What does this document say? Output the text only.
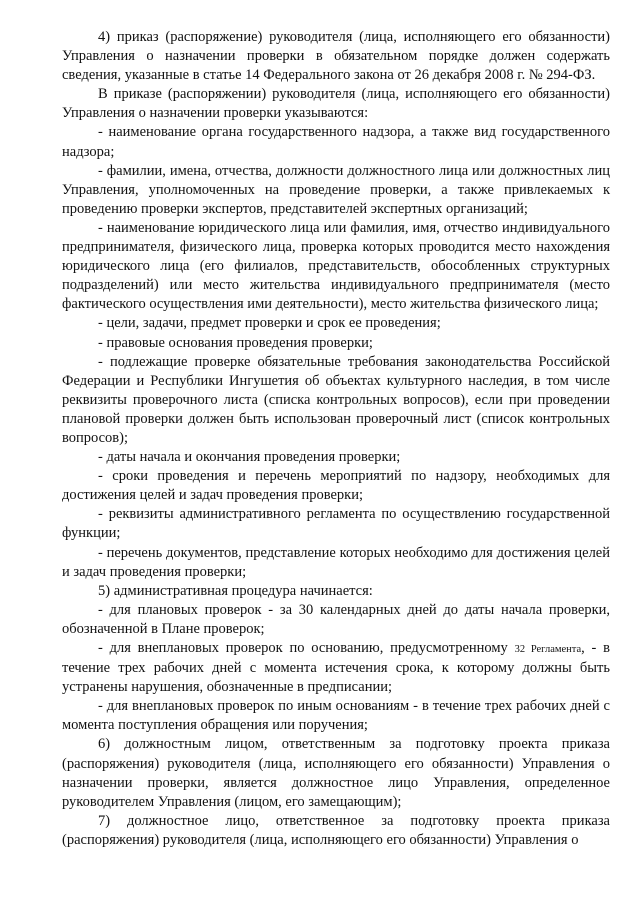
4) приказ (распоряжение) руководителя (лица, исполняющего его обязанности) Управления о назначении проверки в обязательном порядке должен содержать сведения, указанные в статье 14 Федерального закона от 26 декабря 2008 г. № 294-ФЗ.

В приказе (распоряжении) руководителя (лица, исполняющего его обязанности) Управления о назначении проверки указываются:

- наименование органа государственного надзора, а также вид государственного надзора;

- фамилии, имена, отчества, должности должностного лица или должностных лиц Управления, уполномоченных на проведение проверки, а также привлекаемых к проведению проверки экспертов, представителей экспертных организаций;

- наименование юридического лица или фамилия, имя, отчество индивидуального предпринимателя, физического лица, проверка которых проводится место нахождения юридического лица (его филиалов, представительств, обособленных структурных подразделений) или место жительства индивидуального предпринимателя (место фактического осуществления ими деятельности), место жительства физического лица;

- цели, задачи, предмет проверки и срок ее проведения;

- правовые основания проведения проверки;

- подлежащие проверке обязательные требования законодательства Российской Федерации и Республики Ингушетия об объектах культурного наследия, в том числе реквизиты проверочного листа (списка контрольных вопросов), если при проведении плановой проверки должен быть использован проверочный лист (список контрольных вопросов);

- даты начала и окончания проведения проверки;

- сроки проведения и перечень мероприятий по надзору, необходимых для достижения целей и задач проведения проверки;

- реквизиты административного регламента по осуществлению государственной функции;

- перечень документов, представление которых необходимо для достижения целей и задач проведения проверки;

5) административная процедура начинается:

- для плановых проверок - за 30 календарных дней до даты начала проверки, обозначенной в Плане проверок;

- для внеплановых проверок по основанию, предусмотренному 32 Регламента, - в течение трех рабочих дней с момента истечения срока, к которому должны быть устранены нарушения, обозначенные в предписании;

- для внеплановых проверок по иным основаниям - в течение трех рабочих дней с момента поступления обращения или поручения;

6) должностным лицом, ответственным за подготовку проекта приказа (распоряжения) руководителя (лица, исполняющего его обязанности) Управления о назначении проверки, является должностное лицо Управления, определенное руководителем Управления (лицом, его замещающим);

7) должностное лицо, ответственное за подготовку проекта приказа (распоряжения) руководителя (лица, исполняющего его обязанности) Управления о
